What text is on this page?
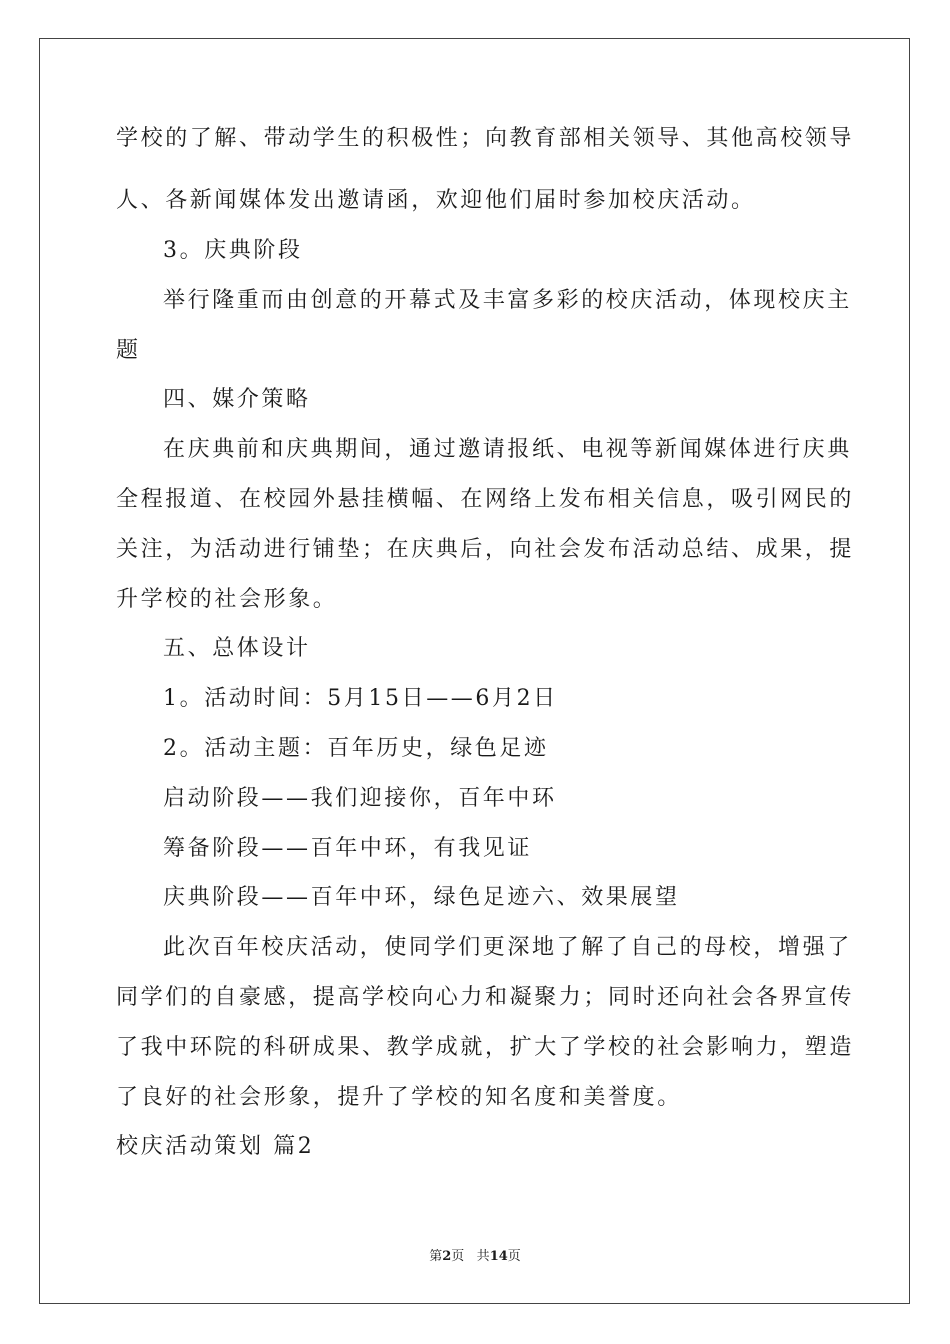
学校的了解、带动学生的积极性；向教育部相关领导、其他高校领导
人、各新闻媒体发出邀请函，欢迎他们届时参加校庆活动。
3。庆典阶段
举行隆重而由创意的开幕式及丰富多彩的校庆活动，体现校庆主
题
四、媒介策略
在庆典前和庆典期间，通过邀请报纸、电视等新闻媒体进行庆典
全程报道、在校园外悬挂横幅、在网络上发布相关信息，吸引网民的
关注，为活动进行铺垫；在庆典后，向社会发布活动总结、成果，提
升学校的社会形象。
五、总体设计
1。活动时间：5月15日——6月2日
2。活动主题：百年历史，绿色足迹
启动阶段——我们迎接你，百年中环
筹备阶段——百年中环，有我见证
庆典阶段——百年中环，绿色足迹六、效果展望
此次百年校庆活动，使同学们更深地了解了自己的母校，增强了
同学们的自豪感，提高学校向心力和凝聚力；同时还向社会各界宣传
了我中环院的科研成果、教学成就，扩大了学校的社会影响力，塑造
了良好的社会形象，提升了学校的知名度和美誉度。
校庆活动策划 篇2
第2页 共14页
